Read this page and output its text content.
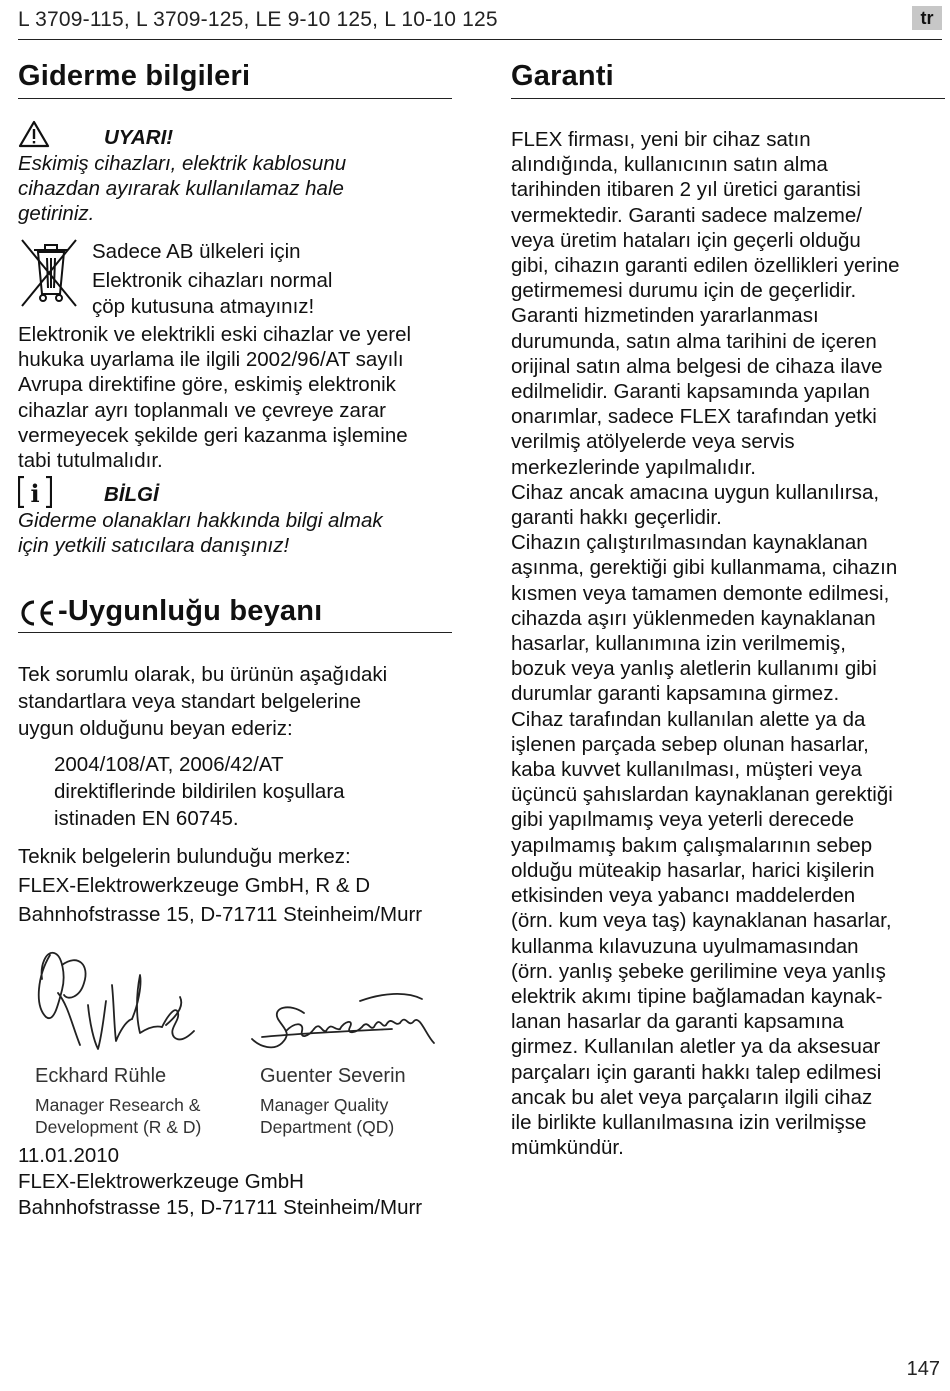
L 3709-115, L 3709-125, LE 9-10 125, L 10-10 125	tr
Giderme bilgileri
UYARI!
Eskimiş cihazları, elektrik kablosunu
cihazdan ayırarak kullanılamaz hale
getiriniz.
Sadece AB ülkeleri için
Elektronik cihazları normal
çöp kutusuna atmayınız!
Elektronik ve elektrikli eski cihazlar ve yerel
hukuka uyarlama ile ilgili 2002/96/AT sayılı
Avrupa direktifine göre, eskimiş elektronik
cihazlar ayrı toplanmalı ve çevreye zarar
vermeyecek şekilde geri kazanma işlemine
tabi tutulmalıdır.
i	BİLGİ
Giderme olanakları hakkında bilgi almak
için yetkili satıcılara danışınız!
-Uygunluğu beyanı
Tek sorumlu olarak, bu ürünün aşağıdaki
standartlara veya standart belgelerine
uygun olduğunu beyan ederiz:
2004/108/AT, 2006/42/AT
direktiflerinde bildirilen koşullara
istinaden EN 60745.
Teknik belgelerin bulunduğu merkez:
FLEX-Elektrowerkzeuge GmbH, R & D
Bahnhofstrasse 15, D-71711 Steinheim/Murr
Eckhard Rühle
Manager Research &
Development (R & D)
Guenter Severin
Manager Quality
Department (QD)
11.01.2010
FLEX-Elektrowerkzeuge GmbH
Bahnhofstrasse 15, D-71711 Steinheim/Murr
Garanti
FLEX firması, yeni bir cihaz satın
alındığında, kullanıcının satın alma
tarihinden itibaren 2 yıl üretici garantisi
vermektedir. Garanti sadece malzeme/
veya üretim hataları için geçerli olduğu
gibi, cihazın garanti edilen özellikleri yerine
getirmemesi durumu için de geçerlidir.
Garanti hizmetinden yararlanması
durumunda, satın alma tarihini de içeren
orijinal satın alma belgesi de cihaza ilave
edilmelidir. Garanti kapsamında yapılan
onarımlar, sadece FLEX tarafından yetki
verilmiş atölyelerde veya servis
merkezlerinde yapılmalıdır.
Cihaz ancak amacına uygun kullanılırsa,
garanti hakkı geçerlidir.
Cihazın çalıştırılmasından kaynaklanan
aşınma, gerektiği gibi kullanmama, cihazın
kısmen veya tamamen demonte edilmesi,
cihazda aşırı yüklenmeden kaynaklanan
hasarlar, kullanımına izin verilmemiş,
bozuk veya yanlış aletlerin kullanımı gibi
durumlar garanti kapsamına girmez.
Cihaz tarafından kullanılan alette ya da
işlenen parçada sebep olunan hasarlar,
kaba kuvvet kullanılması, müşteri veya
üçüncü şahıslardan kaynaklanan gerektiği
gibi yapılmamış veya yeterli derecede
yapılmamış bakım çalışmalarının sebep
olduğu müteakip hasarlar, harici kişilerin
etkisinden veya yabancı maddelerden
(örn. kum veya taş) kaynaklanan hasarlar,
kullanma kılavuzuna uyulmamasından
(örn. yanlış şebeke gerilimine veya yanlış
elektrik akımı tipine bağlamadan kaynak-
lanan hasarlar da garanti kapsamına
girmez. Kullanılan aletler ya da aksesuar
parçaları için garanti hakkı talep edilmesi
ancak bu alet veya parçaların ilgili cihaz
ile birlikte kullanılmasına izin verilmişse
mümkündür.
147
